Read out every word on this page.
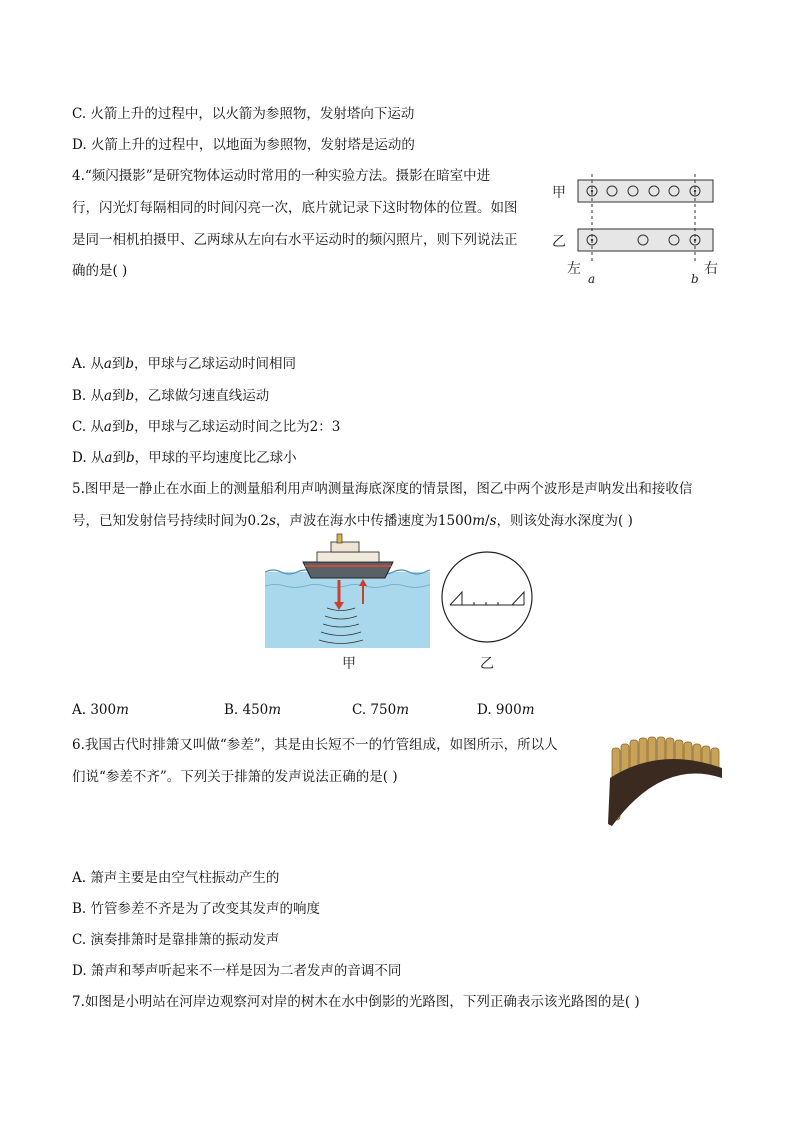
C. 火箭上升的过程中，以火箭为参照物，发射塔向下运动
D. 火箭上升的过程中，以地面为参照物，发射塔是运动的
4.“频闪摄影”是研究物体运动时常用的一种实验方法。摄影在暗室中进
行，闪光灯每隔相同的时间闪亮一次，底片就记录下这时物体的位置。如图
是同一相机拍摄甲、乙两球从左向右水平运动时的频闪照片，则下列说法正
确的是( )
甲
乙
左	右
a	b
A. 从𝑎到𝑏，甲球与乙球运动时间相同
B. 从𝑎到𝑏，乙球做匀速直线运动
C. 从𝑎到𝑏，甲球与乙球运动时间之比为2：3
D. 从𝑎到𝑏，甲球的平均速度比乙球小
5.图甲是一静止在水面上的测量船利用声呐测量海底深度的情景图，图乙中两个波形是声呐发出和接收信
号，已知发射信号持续时间为0.2𝑠，声波在海水中传播速度为1500𝑚/𝑠，则该处海水深度为( )
甲	乙
A. 300𝑚	B. 450𝑚	C. 750𝑚	D. 900𝑚
6.我国古代时排箫又叫做“参差”，其是由长短不一的竹管组成，如图所示，所以人
们说“参差不齐”。下列关于排箫的发声说法正确的是( )
A. 箫声主要是由空气柱振动产生的
B. 竹管参差不齐是为了改变其发声的响度
C. 演奏排箫时是靠排箫的振动发声
D. 箫声和琴声听起来不一样是因为二者发声的音调不同
7.如图是小明站在河岸边观察河对岸的树木在水中倒影的光路图，下列正确表示该光路图的是( )
